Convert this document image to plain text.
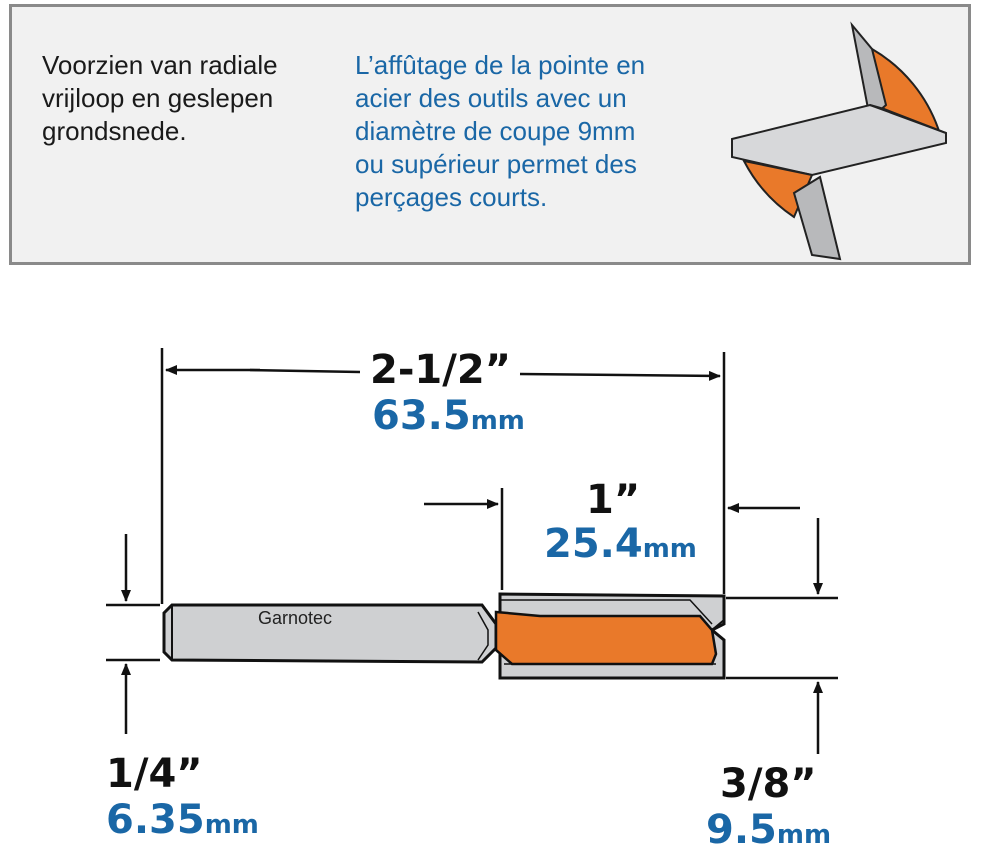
Voorzien van radiale
vrijloop en geslepen
grondsnede.
L’affûtage de la pointe en
acier des outils avec un
diamètre de coupe 9mm
ou supérieur permet des
perçages courts.
Garnotec
2-1/2”
63.5mm
1”
25.4mm
1/4”
6.35mm
3/8”
9.5mm
